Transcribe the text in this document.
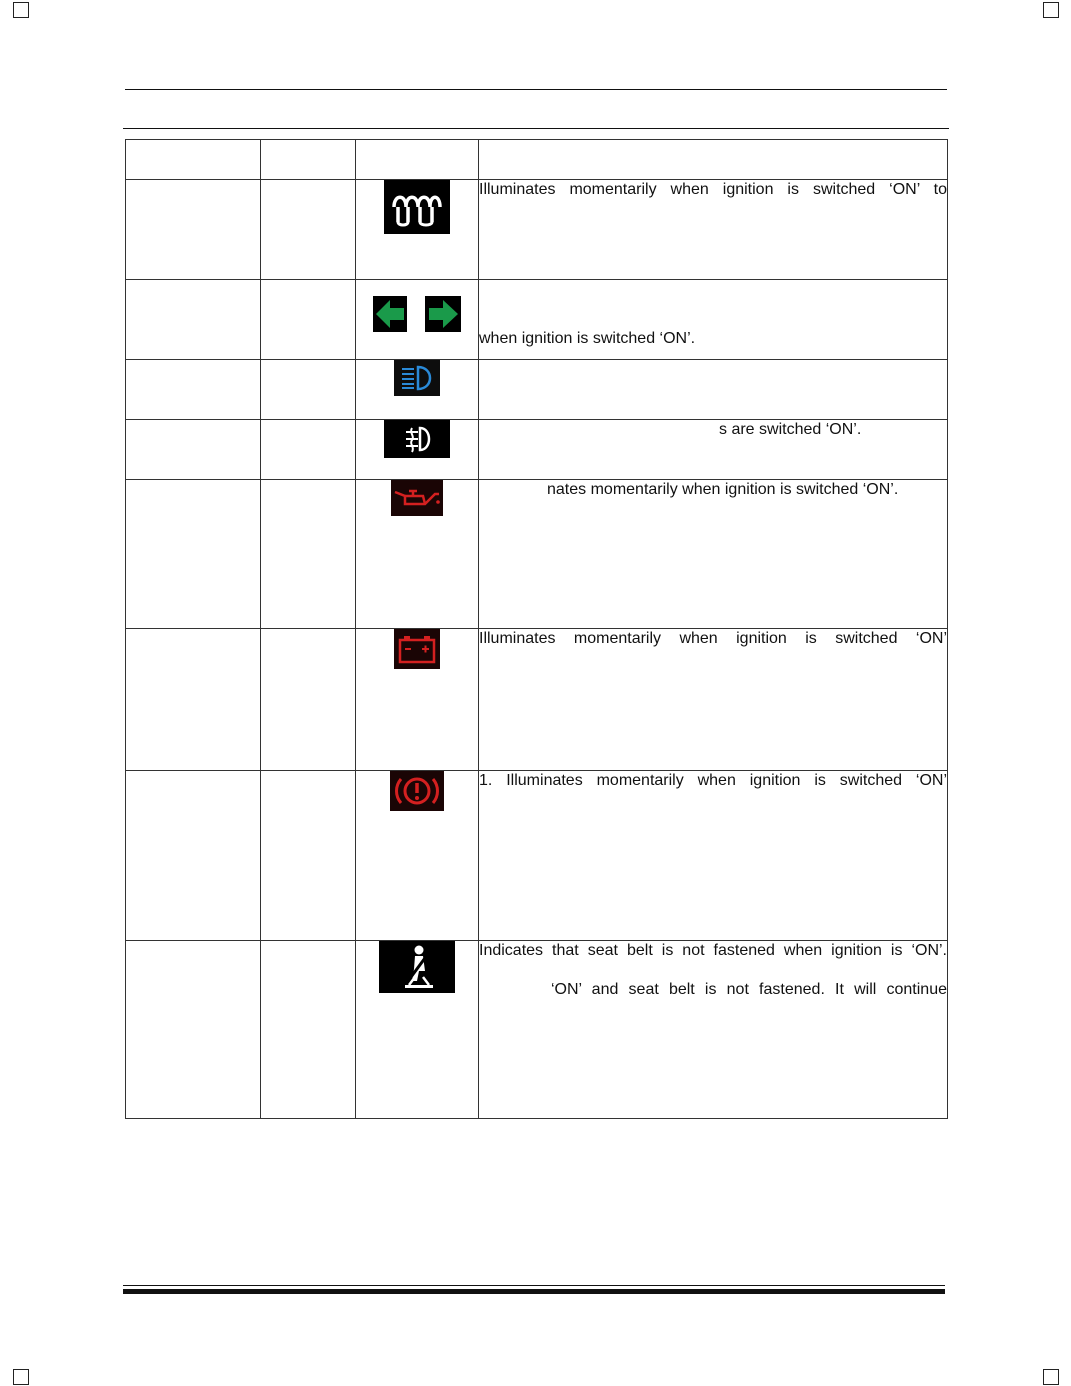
Illuminates momentarily when ignition is switched ‘ON’ to

	when ignition is switched ‘ON’.

	s are switched ‘ON’.

	nates momentarily when ignition is switched ‘ON’.

Illuminates momentarily when ignition is switched ‘ON’

1. Illuminates momentarily when ignition is switched ‘ON’

Indicates that seat belt is not fastened when ignition is ‘ON’.
‘ON’ and seat belt is not fastened. It will continue
